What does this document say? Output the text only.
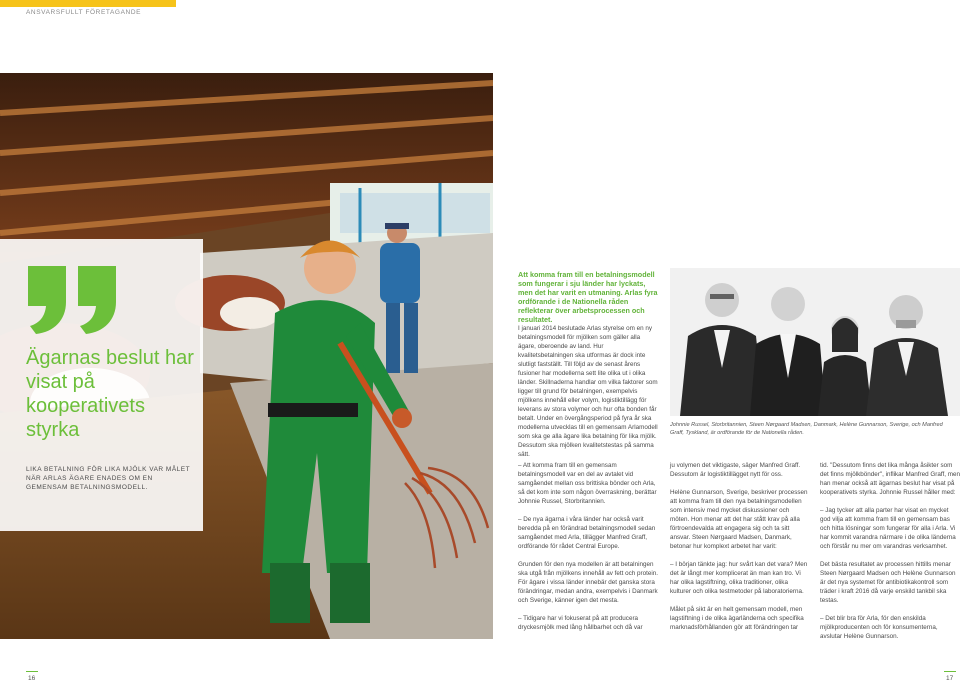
ANSVARSFULLT FÖRETAGANDE
Ägarnas beslut har visat på kooperativets styrka
LIKA BETALNING FÖR LIKA MJÖLK VAR MÅLET NÄR ARLAS ÄGARE ENADES OM EN GEMENSAM BETALNINGSMODELL.
Att komma fram till en betalningsmodell som fungerar i sju länder har lyckats, men det har varit en utmaning. Arlas fyra ordförande i de Nationella råden reflekterar över arbetsprocessen och resultatet.
I januari 2014 beslutade Arlas styrelse om en ny betalningsmodell för mjölken som gäller alla ägare, oberoende av land. Hur kvalitetsbetalningen ska utformas är dock inte slutligt fastställt. Till följd av de senast årens fusioner har modellerna sett lite olika ut i olika länder. Skillnaderna handlar om vilka faktorer som ligger till grund för betalningen, exempelvis mjölkens innehåll eller volym, logistiktillägg för leverans av stora volymer och hur ofta bonden får betalt. Under en övergångsperiod på fyra år ska modellerna utvecklas till en gemensam Arlamodell som ska ge alla ägare lika betalning för lika mjölk. Dessutom ska mjölken kvalitetstestas på samma sätt.
Johnnie Russel, Storbritannien, Steen Nørgaard Madsen, Danmark, Helène Gunnarson, Sverige, och Manfred Graff, Tyskland, är ordförande för de Nationella råden.

– Att komma fram till en gemensam betalningsmodell var en del av avtalet vid samgåendet mellan oss brittiska bönder och Arla, så det kom inte som någon överraskning, berättar Johnnie Russel, Storbritannien.

– De nya ägarna i våra länder har också varit beredda på en förändrad betalningsmodell sedan samgåendet med Arla, tillägger Manfred Graff, ordförande för rådet Central Europe.

Grunden för den nya modellen är att betalningen ska utgå från mjölkens innehåll av fett och protein. För ägare i vissa länder innebär det ganska stora förändringar, medan andra, exempelvis i Danmark och Sverige, känner igen det mesta.

– Tidigare har vi fokuserat på att producera dryckesmjölk med lång hållbarhet och då var

ju volymen det viktigaste, säger Manfred Graff. Dessutom är logistiktillägget nytt för oss.

Helène Gunnarson, Sverige, beskriver processen att komma fram till den nya betalningsmodellen som intensiv med mycket diskussioner och möten. Hon menar att det har stått krav på alla förtroendevalda att engagera sig och ta sitt ansvar. Steen Nørgaard Madsen, Danmark, betonar hur komplext arbetet har varit:

– I början tänkte jag: hur svårt kan det vara? Men det är långt mer komplicerat än man kan tro. Vi har olika lagstiftning, olika traditioner, olika kulturer och olika testmetoder på laboratorierna.

Målet på sikt är en helt gemensam modell, men lagstiftning i de olika ägarländerna och specifika marknadsförhållanden gör att förändringen tar

tid. "Dessutom finns det lika många åsikter som det finns mjölkbönder", inflikar Manfred Graff, men han menar också att ägarnas beslut har visat på kooperativets styrka. Johnnie Russel håller med:

– Jag tycker att alla parter har visat en mycket god vilja att komma fram till en gemensam bas och hitta lösningar som fungerar för alla i Arla. Vi har kommit varandra närmare i de olika länderna och förstår nu mer om varandras verksamhet.

Det bästa resultatet av processen hittills menar Steen Nørgaard Madsen och Helène Gunnarson är det nya systemet för antibiotikakontroll som träder i kraft 2016 då varje enskild tankbil ska testas.

– Det blir bra för Arla, för den enskilda mjölkproducenten och för konsumenterna, avslutar Helène Gunnarson.

16	17
